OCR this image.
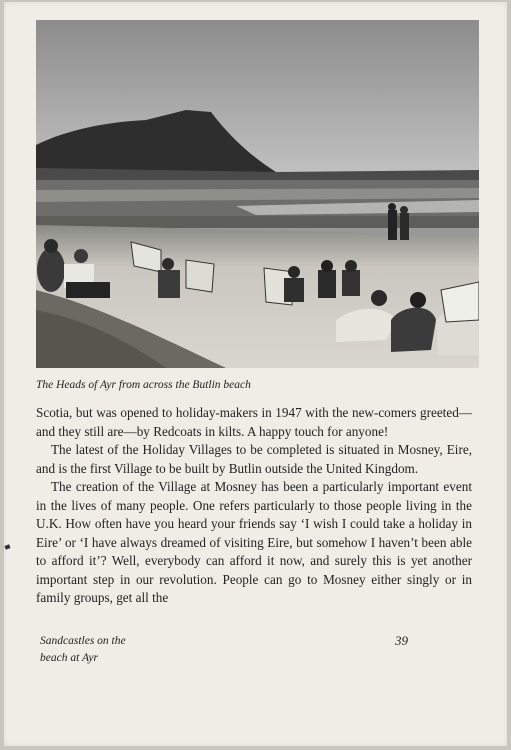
The Heads of Ayr from across the Butlin beach

Scotia, but was opened to holiday-makers in 1947 with the new-comers greeted—and they still are—by Redcoats in kilts. A happy touch for anyone!

The latest of the Holiday Villages to be completed is situated in Mosney, Eire, and is the first Village to be built by Butlin outside the United Kingdom.

The creation of the Village at Mosney has been a particularly important event in the lives of many people. One refers particularly to those people living in the U.K. How often have you heard your friends say ‘I wish I could take a holiday in Eire’ or ‘I have always dreamed of visiting Eire, but somehow I haven’t been able to afford it’? Well, everybody can afford it now, and surely this is yet another important step in our revolution. People can go to Mosney either singly or in family groups, get all the

Sandcastles on the
beach at Ayr
39
